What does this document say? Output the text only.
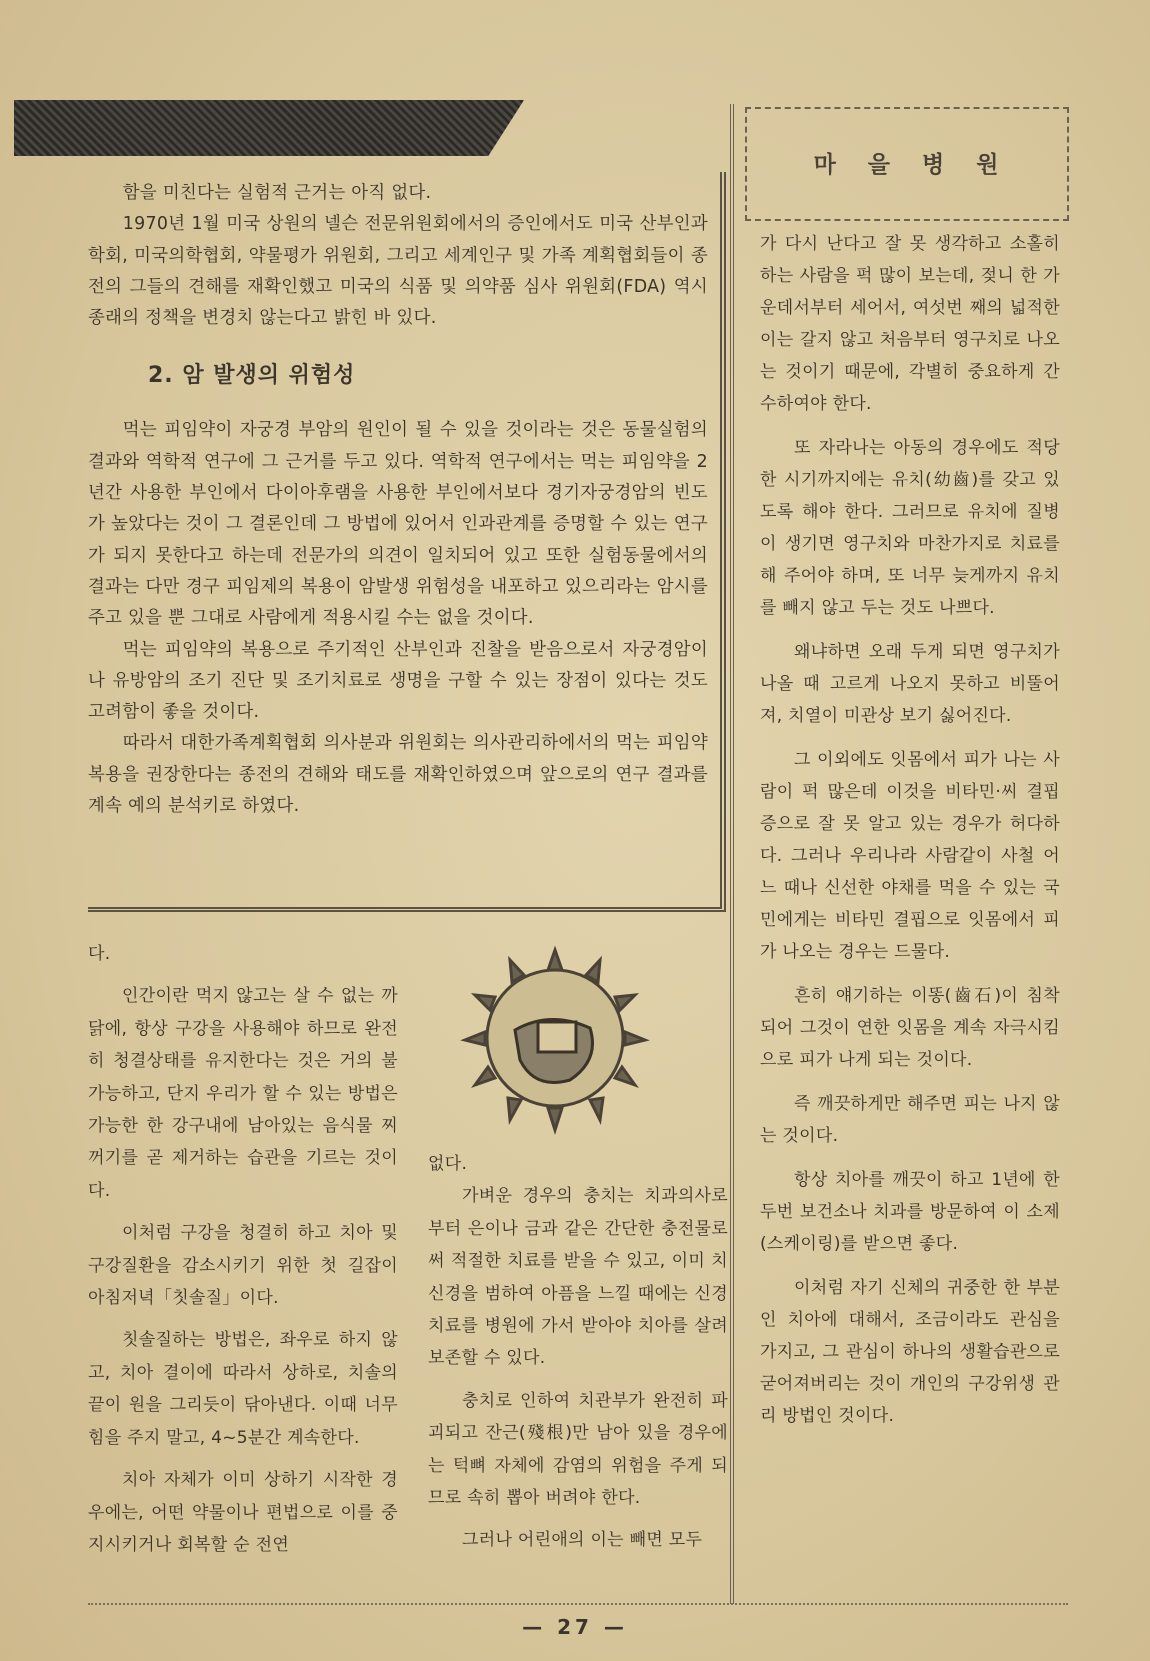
함을 미친다는 실험적 근거는 아직 없다.

1970년 1월 미국 상원의 넬슨 전문위원회에서의 증인에서도 미국 산부인과 학회, 미국의학협회, 약물평가 위원회, 그리고 세계인구 및 가족 계획협회들이 종전의 그들의 견해를 재확인했고 미국의 식품 및 의약품 심사 위원회(FDA) 역시 종래의 정책을 변경치 않는다고 밝힌 바 있다.

2. 암 발생의 위험성

먹는 피임약이 자궁경 부암의 원인이 될 수 있을 것이라는 것은 동물실험의 결과와 역학적 연구에 그 근거를 두고 있다. 역학적 연구에서는 먹는 피임약을 2년간 사용한 부인에서 다이아후램을 사용한 부인에서보다 경기자궁경암의 빈도가 높았다는 것이 그 결론인데 그 방법에 있어서 인과관계를 증명할 수 있는 연구가 되지 못한다고 하는데 전문가의 의견이 일치되어 있고 또한 실험동물에서의 결과는 다만 경구 피임제의 복용이 암발생 위험성을 내포하고 있으리라는 암시를 주고 있을 뿐 그대로 사람에게 적용시킬 수는 없을 것이다.

먹는 피임약의 복용으로 주기적인 산부인과 진찰을 받음으로서 자궁경암이나 유방암의 조기 진단 및 조기치료로 생명을 구할 수 있는 장점이 있다는 것도 고려함이 좋을 것이다.

따라서 대한가족계획협회 의사분과 위원회는 의사관리하에서의 먹는 피임약 복용을 권장한다는 종전의 견해와 태도를 재확인하였으며 앞으로의 연구 결과를 계속 예의 분석키로 하였다.

마을병원

가 다시 난다고 잘 못 생각하고 소홀히 하는 사람을 퍽 많이 보는데, 젖니 한 가운데서부터 세어서, 여섯번 째의 넓적한 이는 갈지 않고 처음부터 영구치로 나오는 것이기 때문에, 각별히 중요하게 간수하여야 한다.

또 자라나는 아동의 경우에도 적당한 시기까지에는 유치(幼齒)를 갖고 있도록 해야 한다. 그러므로 유치에 질병이 생기면 영구치와 마찬가지로 치료를 해 주어야 하며, 또 너무 늦게까지 유치를 빼지 않고 두는 것도 나쁘다.

왜냐하면 오래 두게 되면 영구치가 나올 때 고르게 나오지 못하고 비뚤어져, 치열이 미관상 보기 싫어진다.

그 이외에도 잇몸에서 피가 나는 사람이 퍽 많은데 이것을 비타민·씨 결핍증으로 잘 못 알고 있는 경우가 허다하다. 그러나 우리나라 사람같이 사철 어느 때나 신선한 야채를 먹을 수 있는 국민에게는 비타민 결핍으로 잇몸에서 피가 나오는 경우는 드물다.

흔히 얘기하는 이똥(齒石)이 침착되어 그것이 연한 잇몸을 계속 자극시킴으로 피가 나게 되는 것이다.

즉 깨끗하게만 해주면 피는 나지 않는 것이다.

항상 치아를 깨끗이 하고 1년에 한 두번 보건소나 치과를 방문하여 이 소제(스케이링)를 받으면 좋다.

이처럼 자기 신체의 귀중한 한 부분인 치아에 대해서, 조금이라도 관심을 가지고, 그 관심이 하나의 생활습관으로 굳어져버리는 것이 개인의 구강위생 관리 방법인 것이다.

다.

인간이란 먹지 않고는 살 수 없는 까닭에, 항상 구강을 사용해야 하므로 완전히 청결상태를 유지한다는 것은 거의 불가능하고, 단지 우리가 할 수 있는 방법은 가능한 한 강구내에 남아있는 음식물 찌꺼기를 곧 제거하는 습관을 기르는 것이다.

이처럼 구강을 청결히 하고 치아 및 구강질환을 감소시키기 위한 첫 길잡이 아침저녁「칫솔질」이다.

칫솔질하는 방법은, 좌우로 하지 않고, 치아 결이에 따라서 상하로, 치솔의 끝이 원을 그리듯이 닦아낸다. 이때 너무 힘을 주지 말고, 4~5분간 계속한다.

치아 자체가 이미 상하기 시작한 경우에는, 어떤 약물이나 편법으로 이를 중지시키거나 회복할 순 전연

없다.

가벼운 경우의 충치는 치과의사로부터 은이나 금과 같은 간단한 충전물로써 적절한 치료를 받을 수 있고, 이미 치신경을 범하여 아픔을 느낄 때에는 신경치료를 병원에 가서 받아야 치아를 살려 보존할 수 있다.

충치로 인하여 치관부가 완전히 파괴되고 잔근(殘根)만 남아 있을 경우에는 턱뼈 자체에 감염의 위험을 주게 되므로 속히 뽑아 버려야 한다.

그러나 어린애의 이는 빼면 모두

— 27 —
